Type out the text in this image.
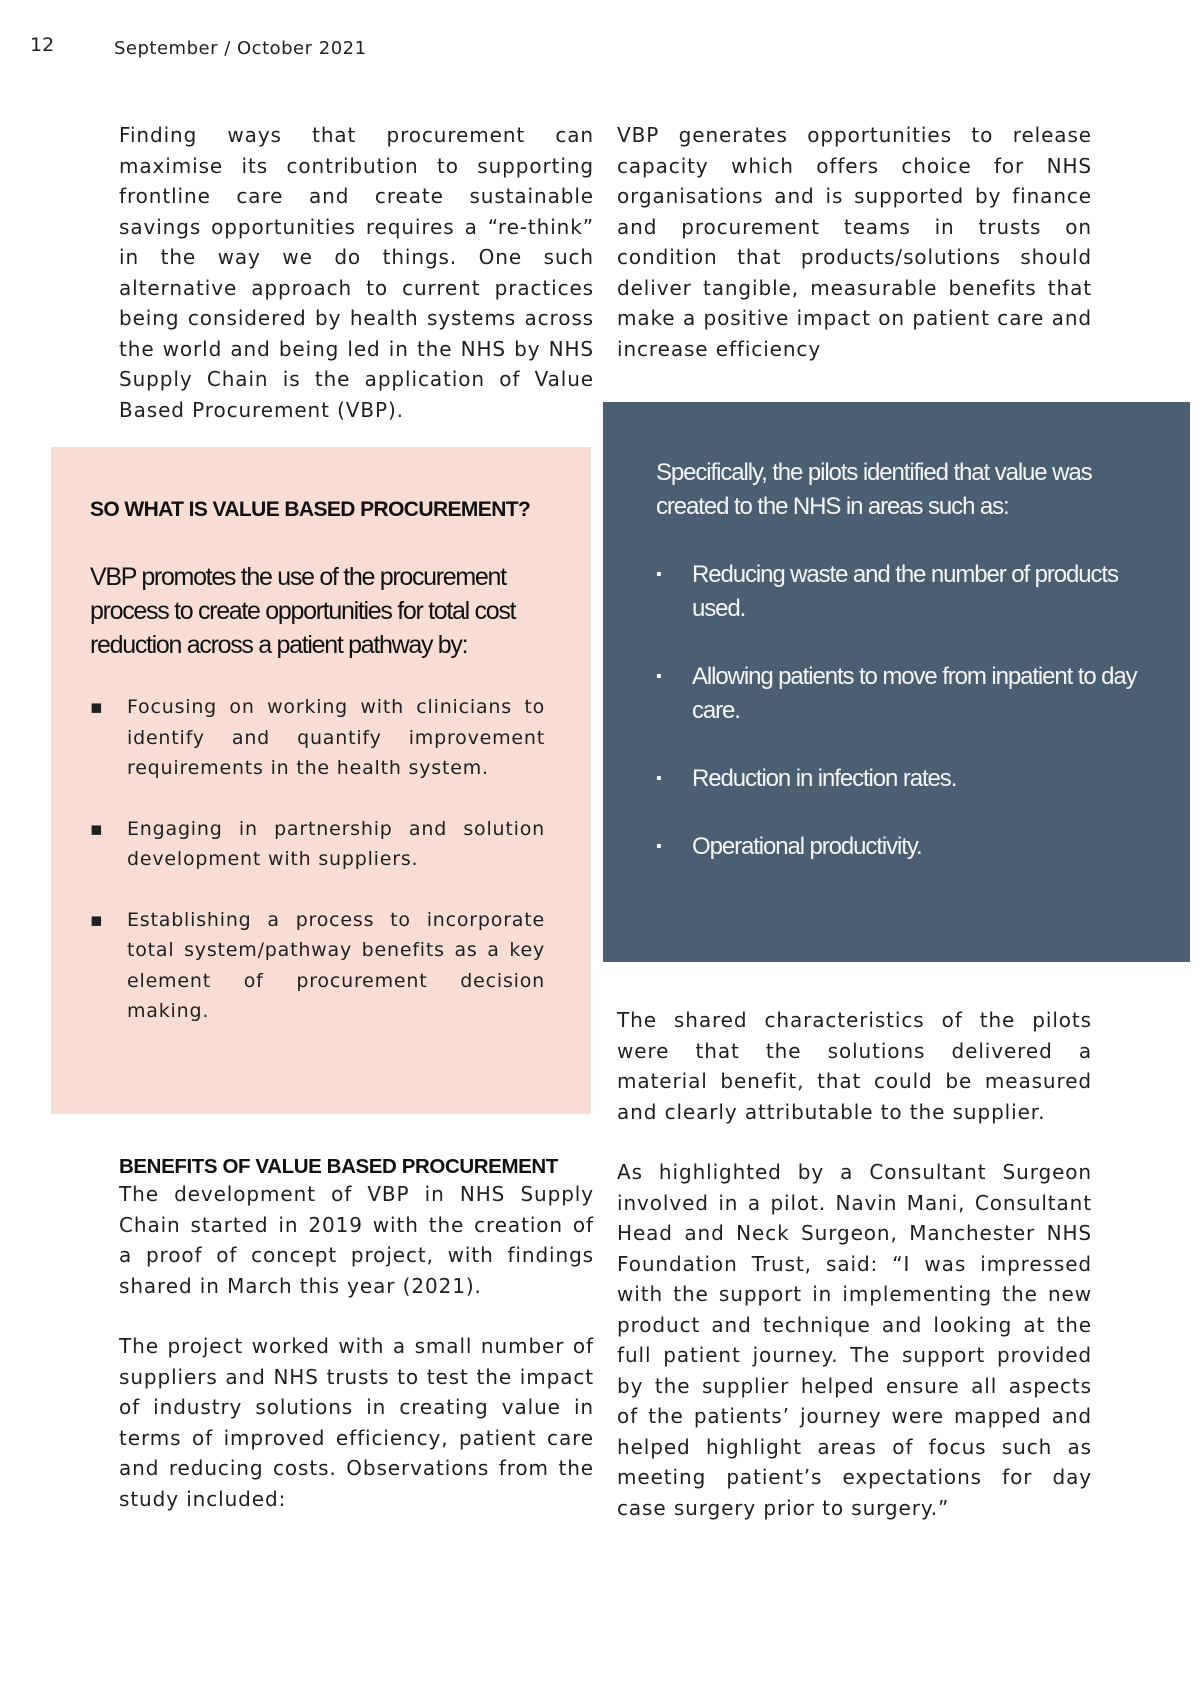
12	September / October 2021

Finding ways that procurement can maximise its contribution to supporting frontline care and create sustainable savings opportunities requires a “re-think” in the way we do things. One such alternative approach to current practices being considered by health systems across the world and being led in the NHS by NHS Supply Chain is the application of Value Based Procurement (VBP).

VBP generates opportunities to release capacity which offers choice for NHS organisations and is supported by finance and procurement teams in trusts on condition that products/solutions should deliver tangible, measurable benefits that make a positive impact on patient care and increase efficiency

SO WHAT IS VALUE BASED PROCUREMENT?

VBP promotes the use of the procurement process to create opportunities for total cost reduction across a patient pathway by:

▪ Focusing on working with clinicians to identify and quantify improvement requirements in the health system.
▪ Engaging in partnership and solution development with suppliers.
▪ Establishing a process to incorporate total system/pathway benefits as a key element of procurement decision making.

Specifically, the pilots identified that value was created to the NHS in areas such as:

▪ Reducing waste and the number of products used.
▪ Allowing patients to move from inpatient to day care.
▪ Reduction in infection rates.
▪ Operational productivity.
BENEFITS OF VALUE BASED PROCUREMENT

The development of VBP in NHS Supply Chain started in 2019 with the creation of a proof of concept project, with findings shared in March this year (2021).

The project worked with a small number of suppliers and NHS trusts to test the impact of industry solutions in creating value in terms of improved efficiency, patient care and reducing costs. Observations from the study included:

The shared characteristics of the pilots were that the solutions delivered a material benefit, that could be measured and clearly attributable to the supplier.

As highlighted by a Consultant Surgeon involved in a pilot. Navin Mani, Consultant Head and Neck Surgeon, Manchester NHS Foundation Trust, said: “I was impressed with the support in implementing the new product and technique and looking at the full patient journey. The support provided by the supplier helped ensure all aspects of the patients’ journey were mapped and helped highlight areas of focus such as meeting patient’s expectations for day case surgery prior to surgery.”
